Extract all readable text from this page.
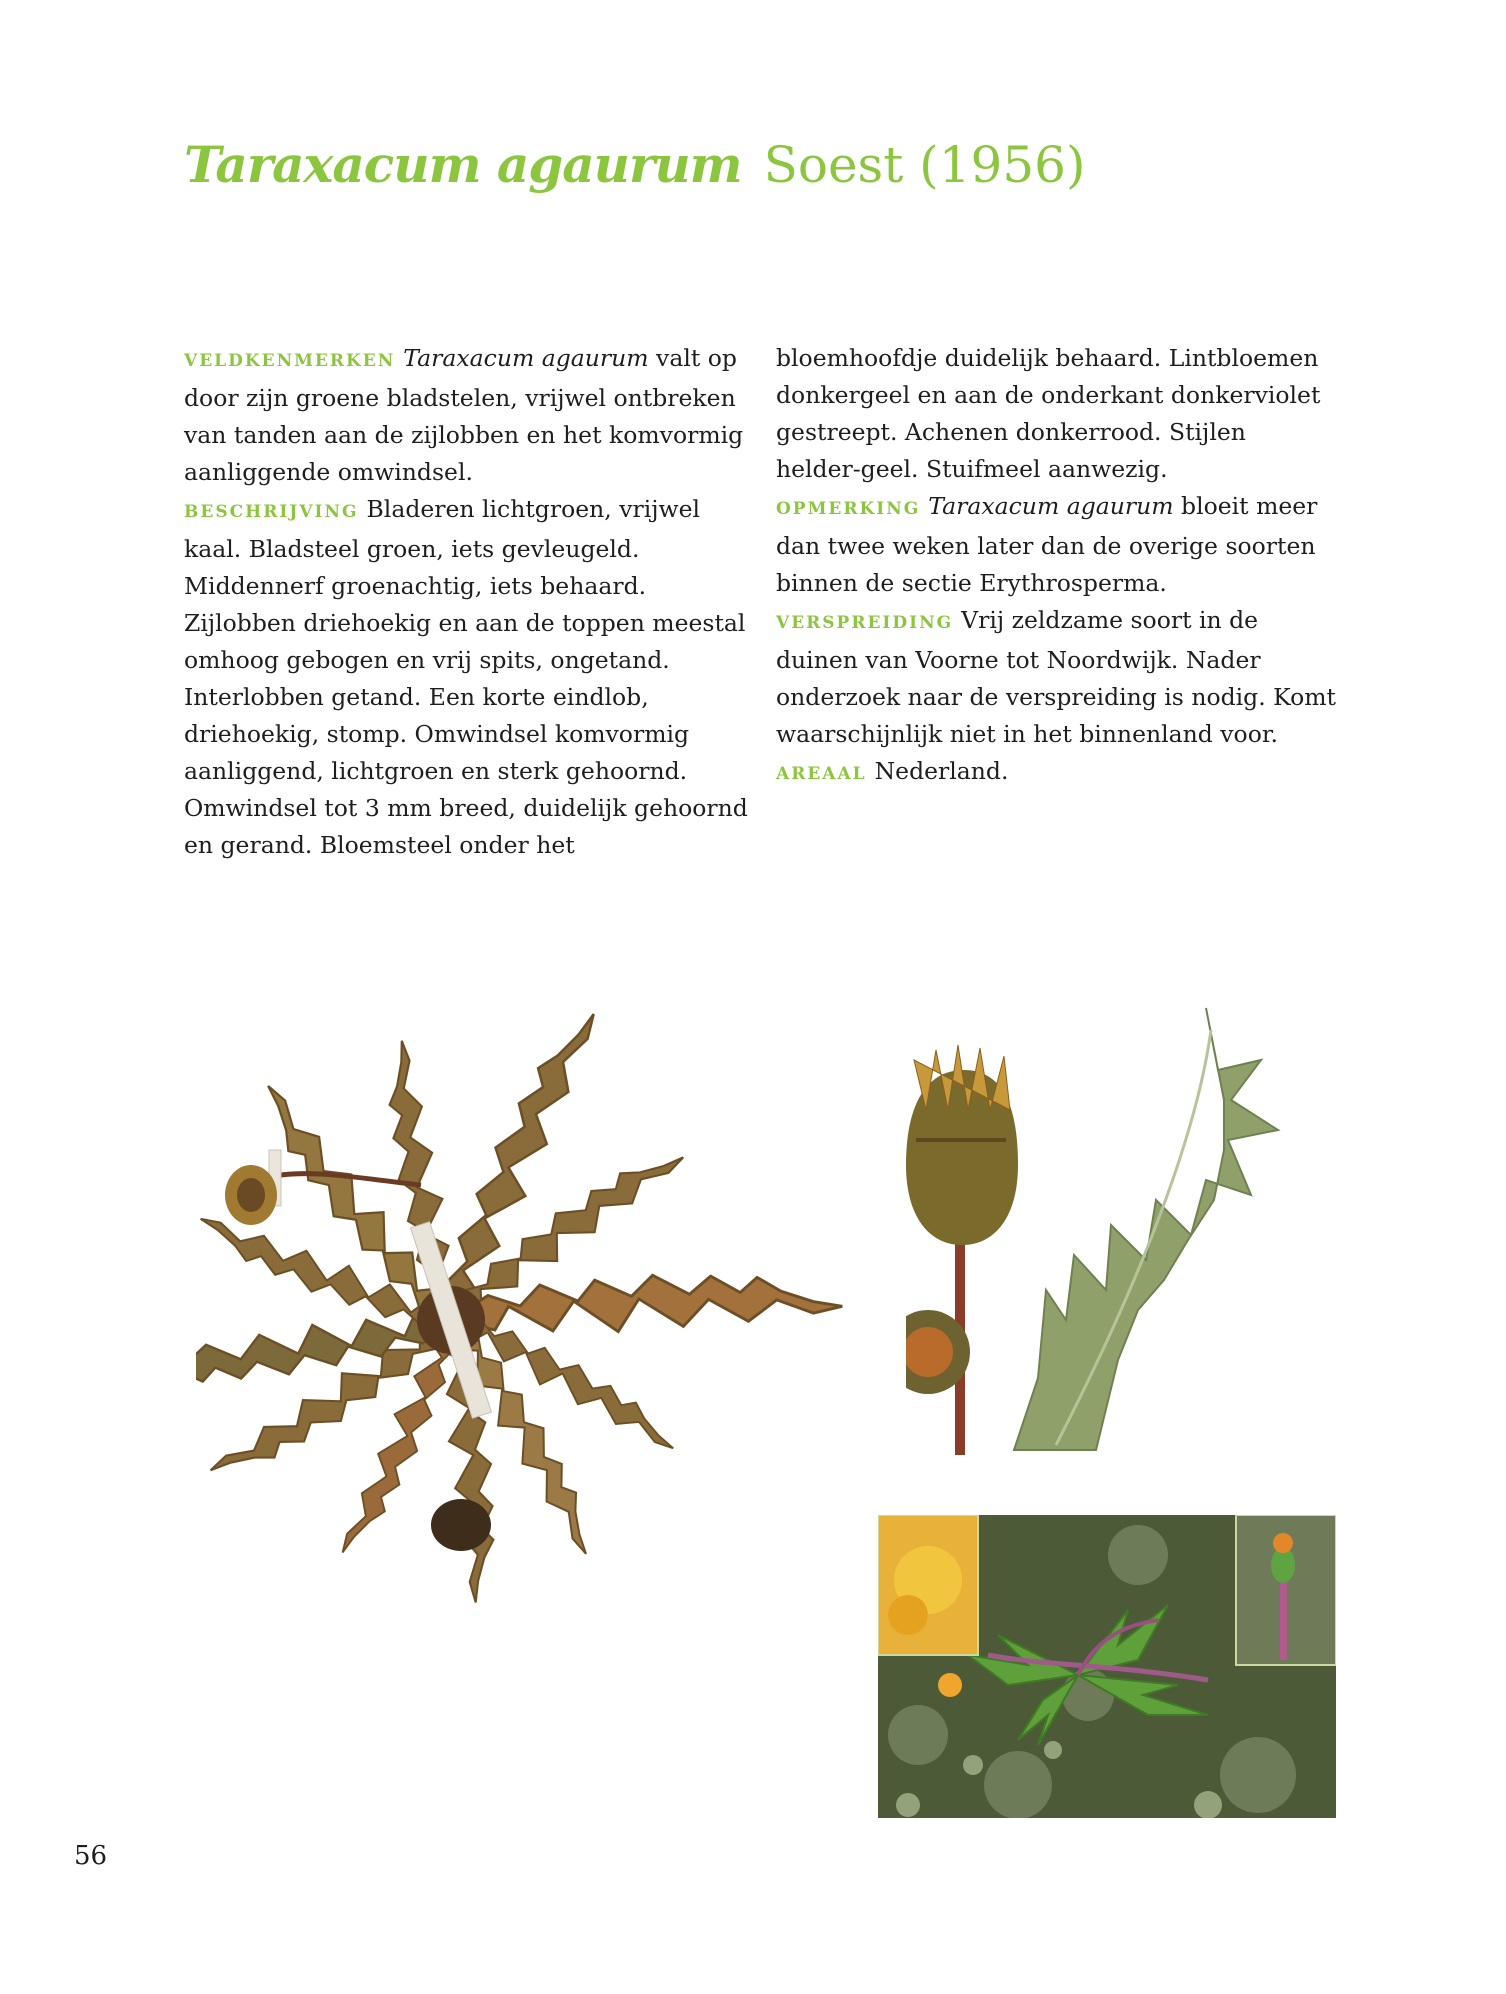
Taraxacum agaurum Soest (1956)

VELDKENMERKEN Taraxacum agaurum valt op door zijn groene bladstelen, vrijwel ontbreken van tanden aan de zijlobben en het komvormig aanliggende omwindsel.

BESCHRIJVING Bladeren lichtgroen, vrijwel kaal. Bladsteel groen, iets gevleugeld. Middennerf groenachtig, iets behaard. Zijlobben driehoekig en aan de toppen meestal omhoog gebogen en vrij spits, ongetand. Interlobben getand. Een korte eindlob, driehoekig, stomp. Omwindsel komvormig aanliggend, lichtgroen en sterk gehoornd. Omwindsel tot 3 mm breed, duidelijk gehoornd en gerand. Bloemsteel onder het

bloemhoofdje duidelijk behaard. Lintbloemen donkergeel en aan de onderkant donkerviolet gestreept. Achenen donkerrood. Stijlen helder-geel. Stuifmeel aanwezig.

OPMERKING Taraxacum agaurum bloeit meer dan twee weken later dan de overige soorten binnen de sectie Erythrosperma.

VERSPREIDING Vrij zeldzame soort in de duinen van Voorne tot Noordwijk. Nader onderzoek naar de verspreiding is nodig. Komt waarschijnlijk niet in het binnenland voor.

AREAAL Nederland.

56
